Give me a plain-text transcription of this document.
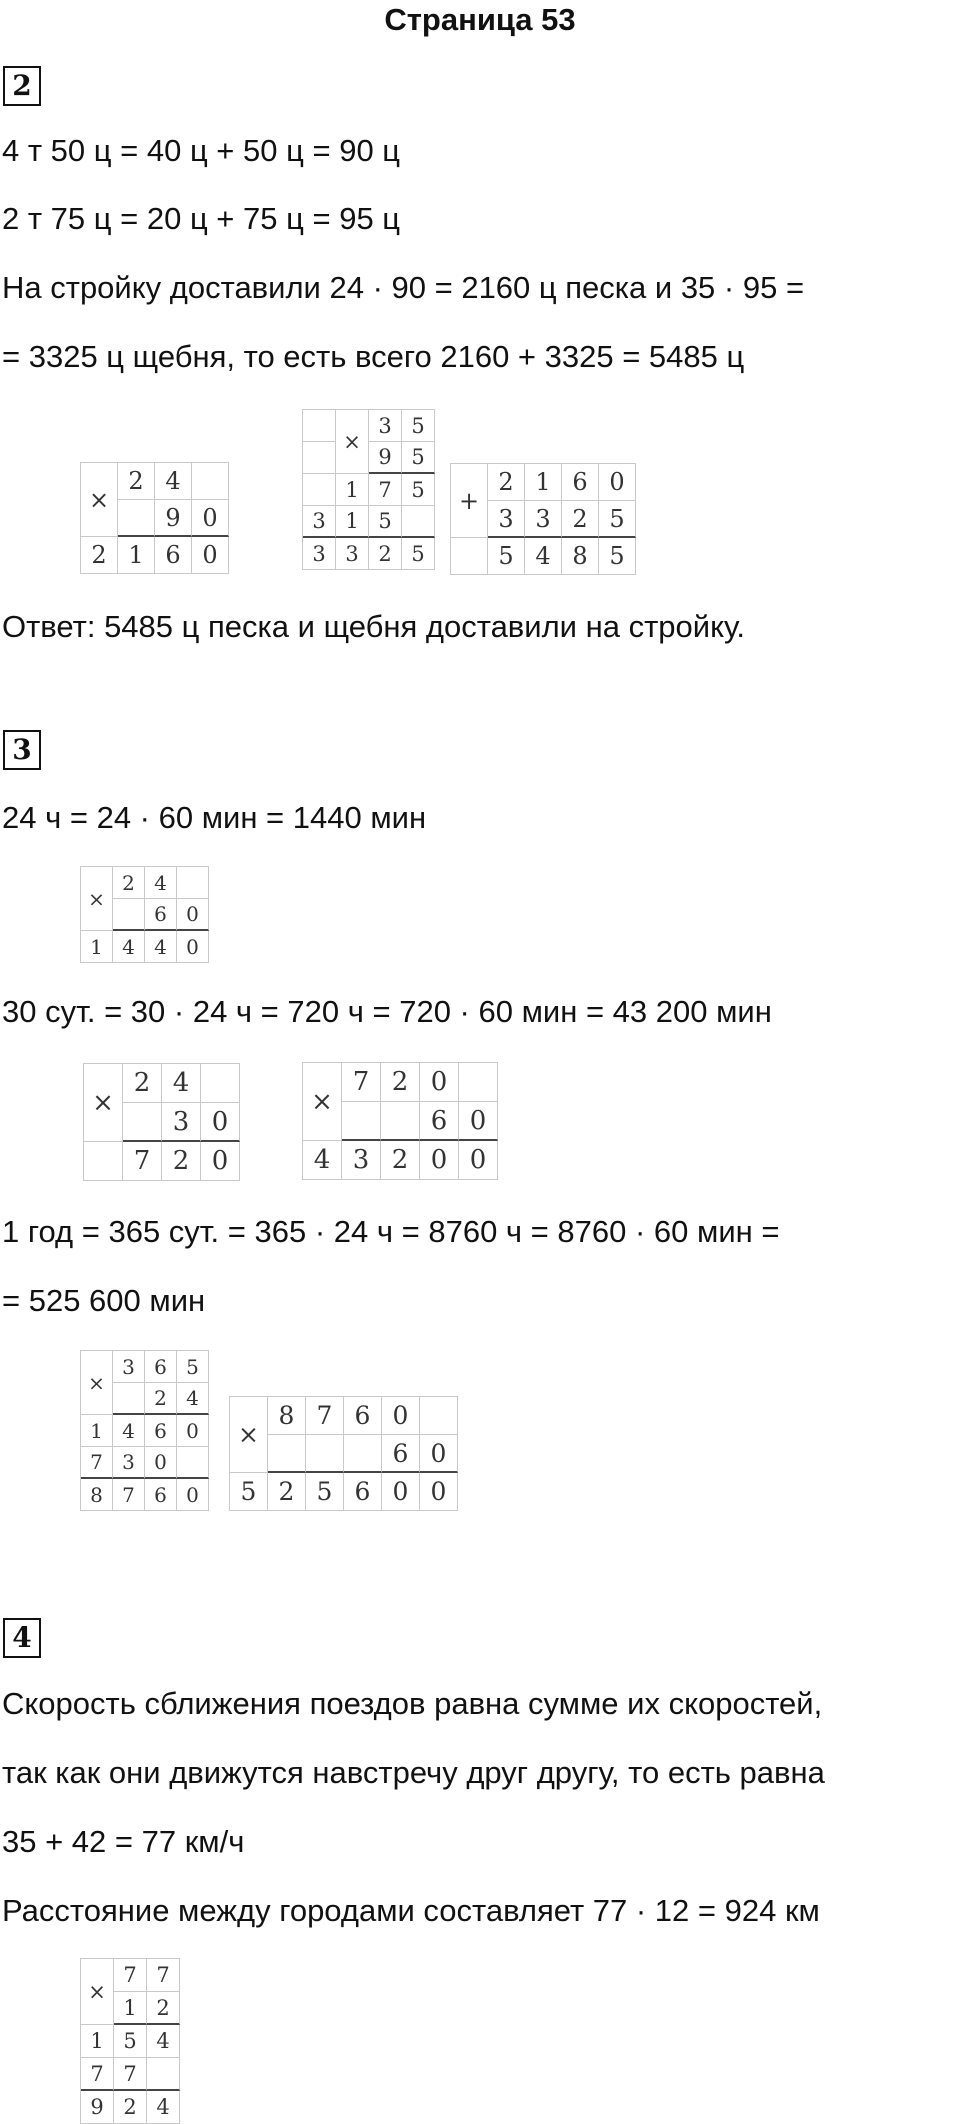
Страница 53
2
4 т 50 ц = 40 ц + 50 ц = 90 ц
2 т 75 ц = 20 ц + 75 ц = 95 ц
На стройку доставили 24 · 90 = 2160 ц песка и 35 · 95 =
= 3325 ц щебня, то есть всего 2160 + 3325 = 5485 ц
×
2 4
9 0
2 1 6 0
×
3 5
9 5
1 7 5
3 1 5
3 3 2 5
+
2 1 6 0
3 3 2 5
5 4 8 5
Ответ: 5485 ц песка и щебня доставили на стройку.
3
24 ч = 24 · 60 мин = 1440 мин
×
2 4
6 0
1 4 4 0
30 сут. = 30 · 24 ч = 720 ч = 720 · 60 мин = 43 200 мин
×
2 4
3 0
7 2 0
×
7 2 0
6 0
4 3 2 0 0
1 год = 365 сут. = 365 · 24 ч = 8760 ч = 8760 · 60 мин =
= 525 600 мин
×
3 6 5
2 4
1 4 6 0
7 3 0
8 7 6 0
×
8 7 6 0
6 0
5 2 5 6 0 0
4
Скорость сближения поездов равна сумме их скоростей,
так как они движутся навстречу друг другу, то есть равна
35 + 42 = 77 км/ч
Расстояние между городами составляет 77 · 12 = 924 км
×
7 7
1 2
1 5 4
7 7
9 2 4
